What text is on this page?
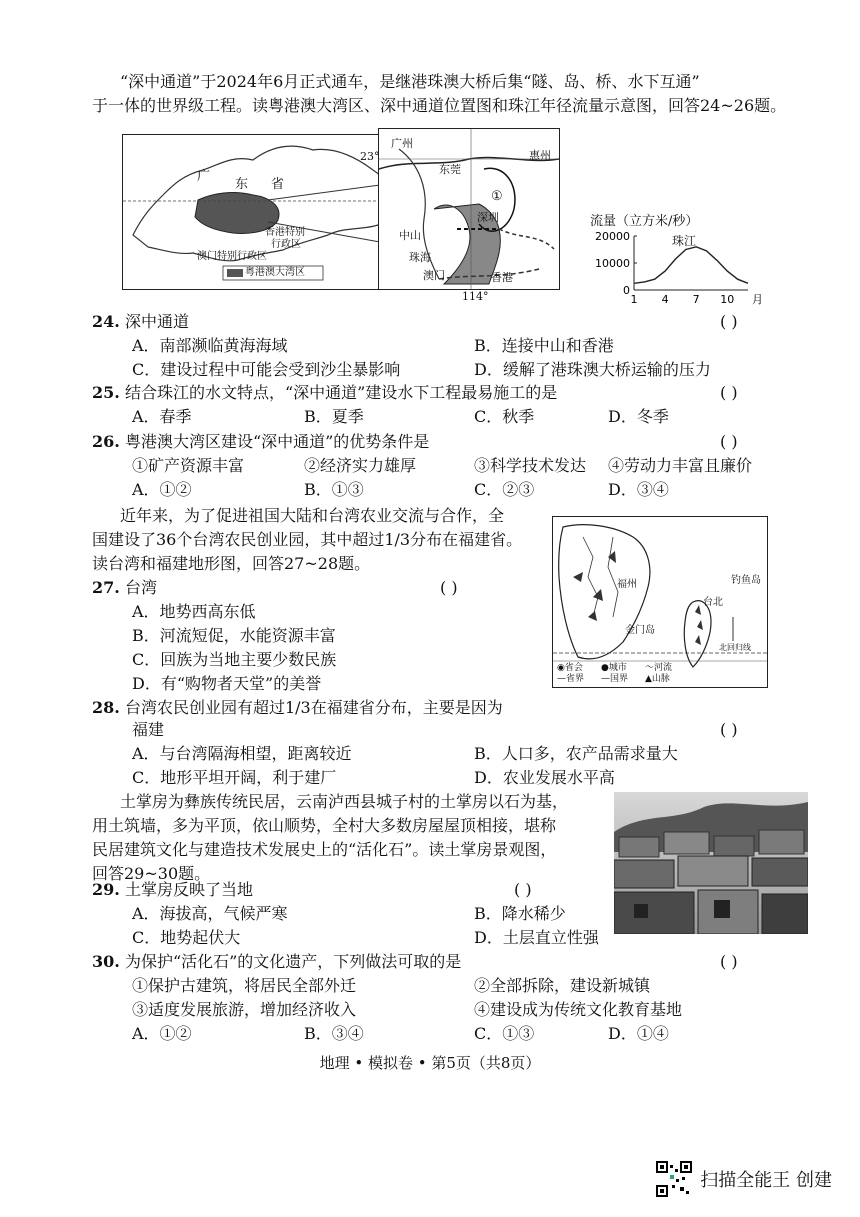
“深中通道”于2024年6月正式通车，是继港珠澳大桥后集“隧、岛、桥、水下互通”
于一体的世界级工程。读粤港澳大湾区、深中通道位置图和珠江年径流量示意图，回答24~26题。
广
东 省
香港特别
行政区
澳门特别行政区
粤港澳大湾区
广州
惠州
东莞
中山
深圳
珠海
澳门	香港
①
23°
114°
流量（立方米/秒）
珠江
20000
10000
0
1 4 7 10 月
24. 深中通道	( )
A．南部濒临黄海海域	B．连接中山和香港
C．建设过程中可能会受到沙尘暴影响	D．缓解了港珠澳大桥运输的压力
25. 结合珠江的水文特点，“深中通道”建设水下工程最易施工的是	( )
A．春季	B．夏季	C．秋季	D．冬季
26. 粤港澳大湾区建设“深中通道”的优势条件是	( )
①矿产资源丰富	②经济实力雄厚	③科学技术发达 ④劳动力丰富且廉价
A．①②	B．①③	C．②③	D．③④
近年来，为了促进祖国大陆和台湾农业交流与合作，全
国建设了36个台湾农民创业园，其中超过1/3分布在福建省。
读台湾和福建地形图，回答27~28题。
钓鱼岛
台北
福州
金门岛
北回归线
◉省会 ●城市 〜河流
—省界 —国界 ▲山脉
27. 台湾	( )
A．地势西高东低
B．河流短促，水能资源丰富
C．回族为当地主要少数民族
D．有“购物者天堂”的美誉
28. 台湾农民创业园有超过1/3在福建省分布，主要是因为
福建	( )
A．与台湾隔海相望，距离较近	B．人口多，农产品需求量大
C．地形平坦开阔，利于建厂	D．农业发展水平高
土掌房为彝族传统民居，云南泸西县城子村的土掌房以石为基，
用土筑墙，多为平顶，依山顺势，全村大多数房屋屋顶相接，堪称
民居建筑文化与建造技术发展史上的“活化石”。读土掌房景观图，
回答29~30题。
29. 土掌房反映了当地	( )
A．海拔高，气候严寒	B．降水稀少
C．地势起伏大	D．土层直立性强
30. 为保护“活化石”的文化遗产，下列做法可取的是	( )
①保护古建筑，将居民全部外迁	②全部拆除，建设新城镇
③适度发展旅游，增加经济收入	④建设成为传统文化教育基地
A．①②	B．③④	C．①③	D．①④
地理 • 模拟卷 • 第5页（共8页）
扫描全能王 创建
